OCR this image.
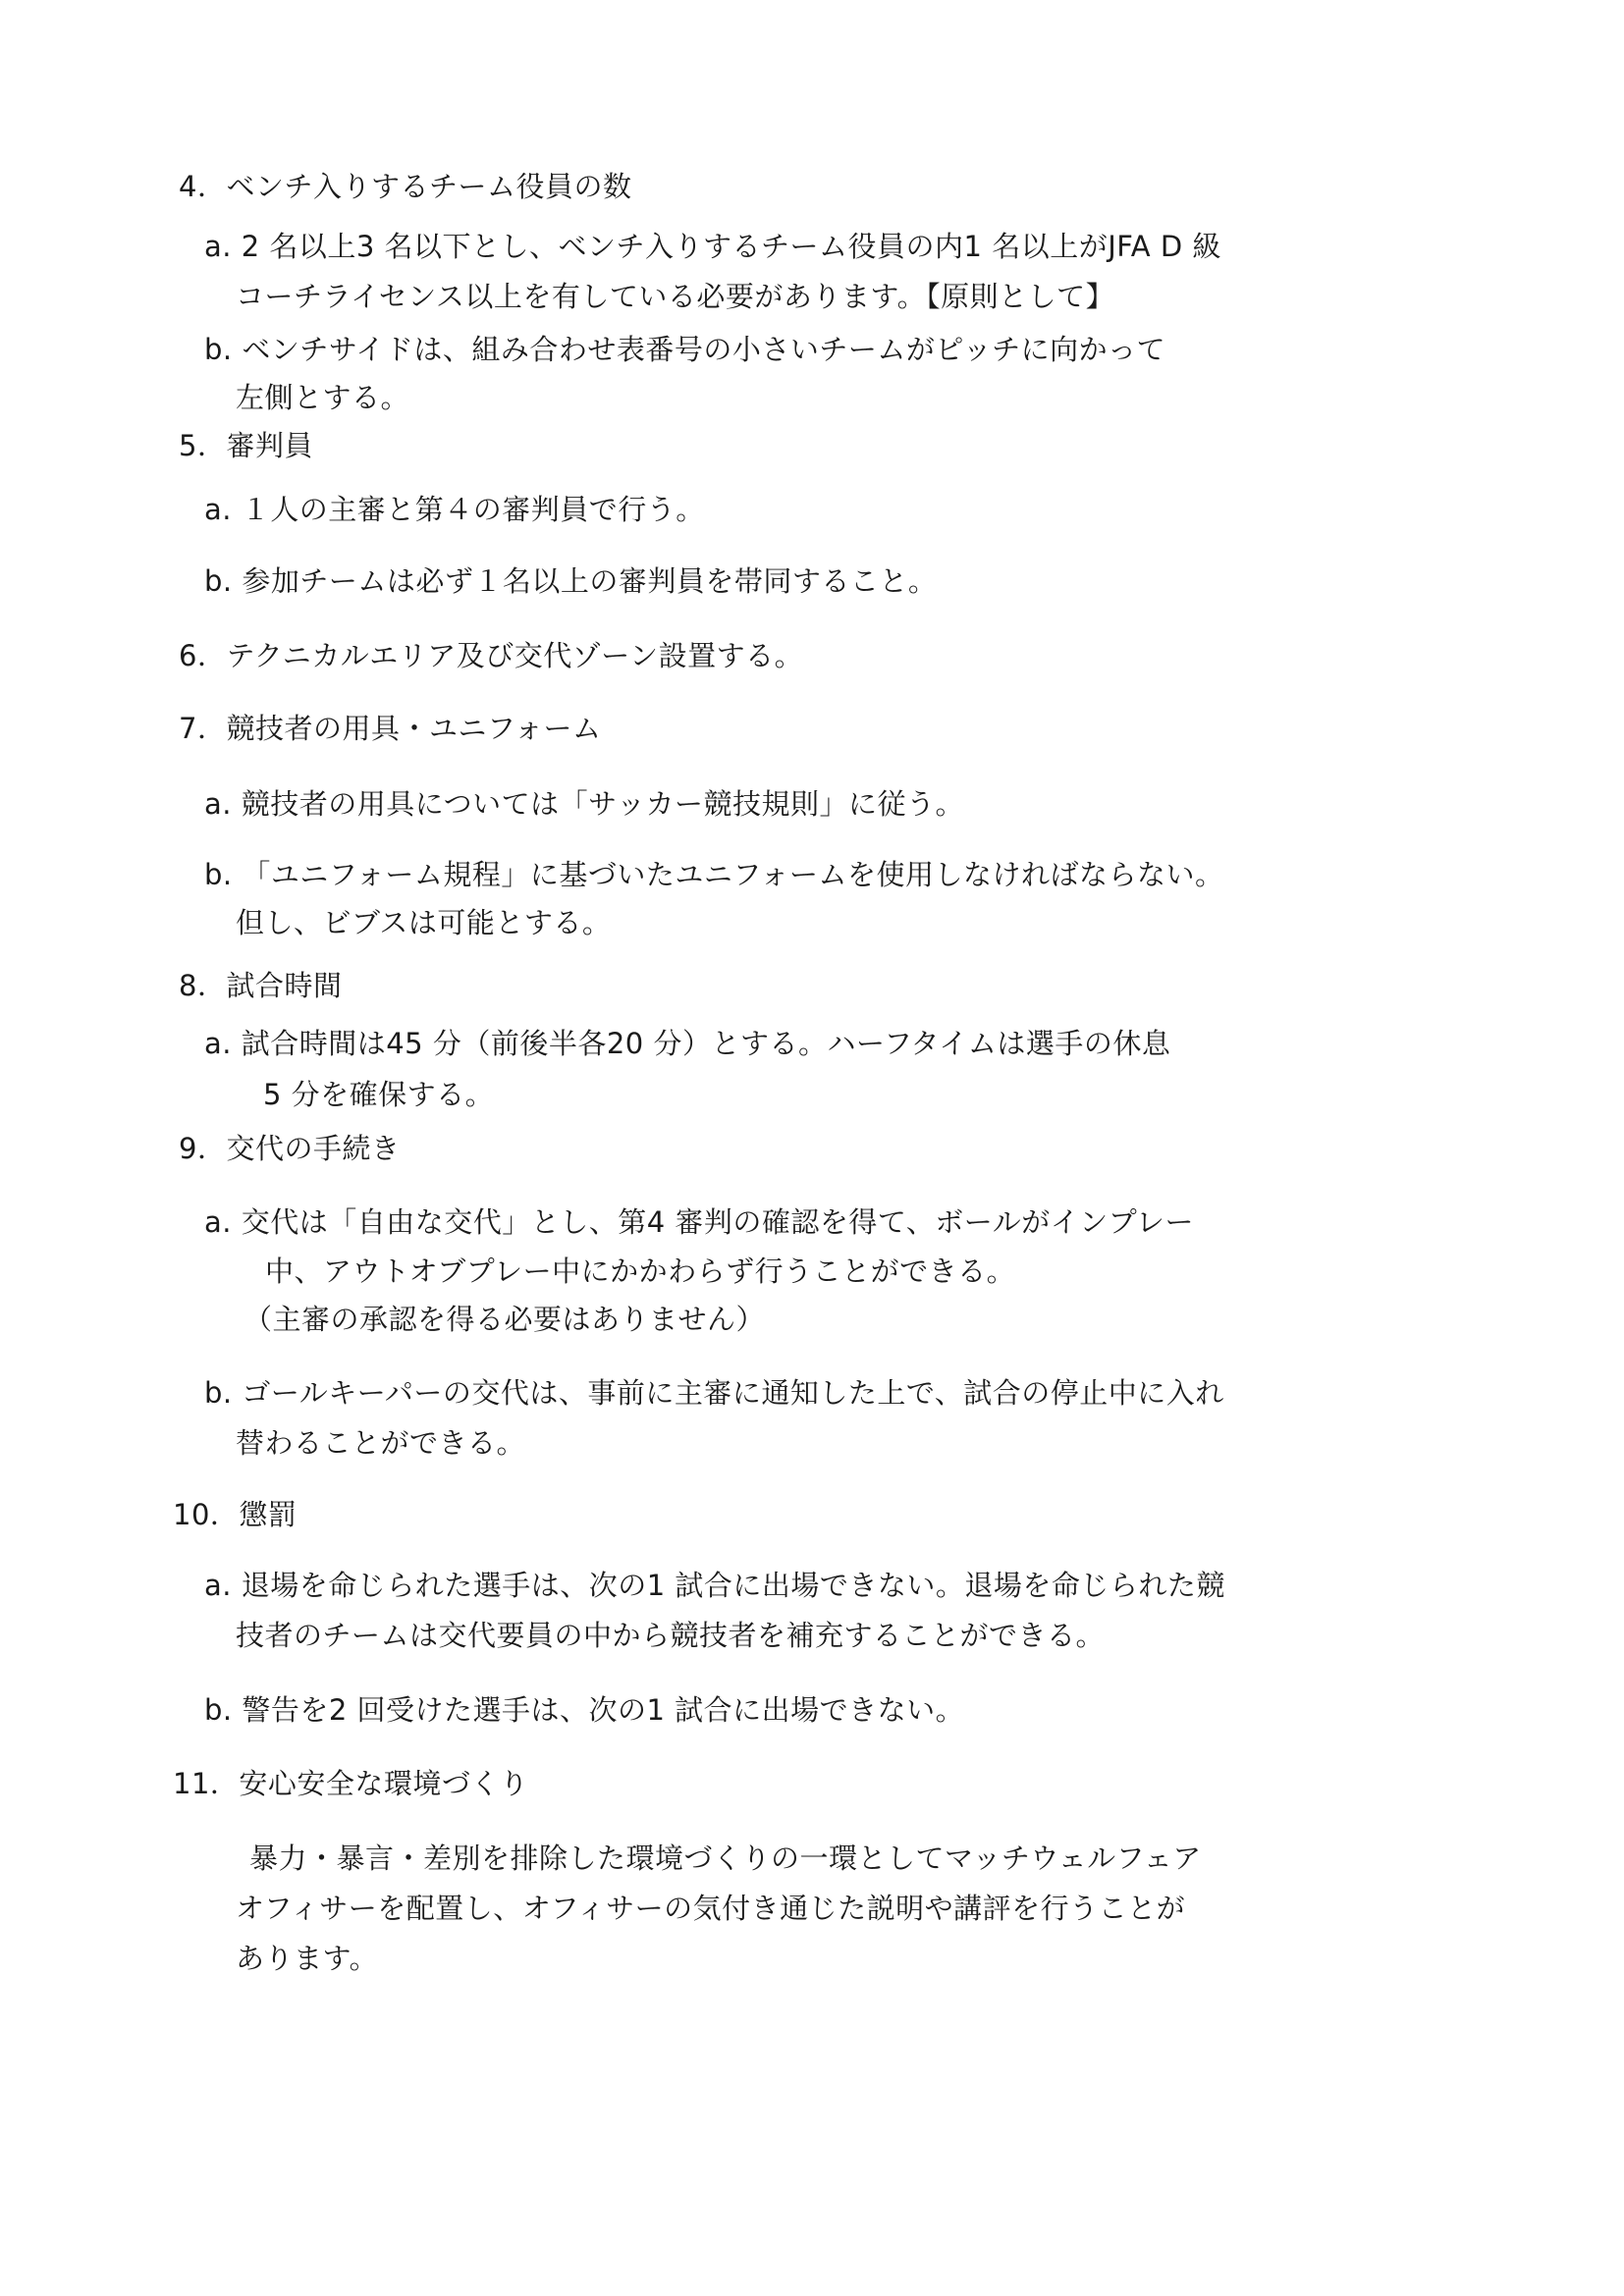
4．ベンチ入りするチーム役員の数
a. 2 名以上3 名以下とし、ベンチ入りするチーム役員の内1 名以上がJFA D 級
コーチライセンス以上を有している必要があります。【原則として】
b. ベンチサイドは、組み合わせ表番号の小さいチームがピッチに向かって
左側とする。
5．審判員
a. １人の主審と第４の審判員で行う。
b. 参加チームは必ず１名以上の審判員を帯同すること。
6．テクニカルエリア及び交代ゾーン設置する。
7．競技者の用具・ユニフォーム
a. 競技者の用具については「サッカー競技規則」に従う。
b. 「ユニフォーム規程」に基づいたユニフォームを使用しなければならない。
但し、ビブスは可能とする。
8．試合時間
a. 試合時間は45 分（前後半各20 分）とする。ハーフタイムは選手の休息
5 分を確保する。
9．交代の手続き
a. 交代は「自由な交代」とし、第4 審判の確認を得て、ボールがインプレー
中、アウトオブプレー中にかかわらず行うことができる。
（主審の承認を得る必要はありません）
b. ゴールキーパーの交代は、事前に主審に通知した上で、試合の停止中に入れ
替わることができる。
10．懲罰
a. 退場を命じられた選手は、次の1 試合に出場できない。退場を命じられた競
技者のチームは交代要員の中から競技者を補充することができる。
b. 警告を2 回受けた選手は、次の1 試合に出場できない。
11．安心安全な環境づくり
暴力・暴言・差別を排除した環境づくりの一環としてマッチウェルフェア
オフィサーを配置し、オフィサーの気付き通じた説明や講評を行うことが
あります。
